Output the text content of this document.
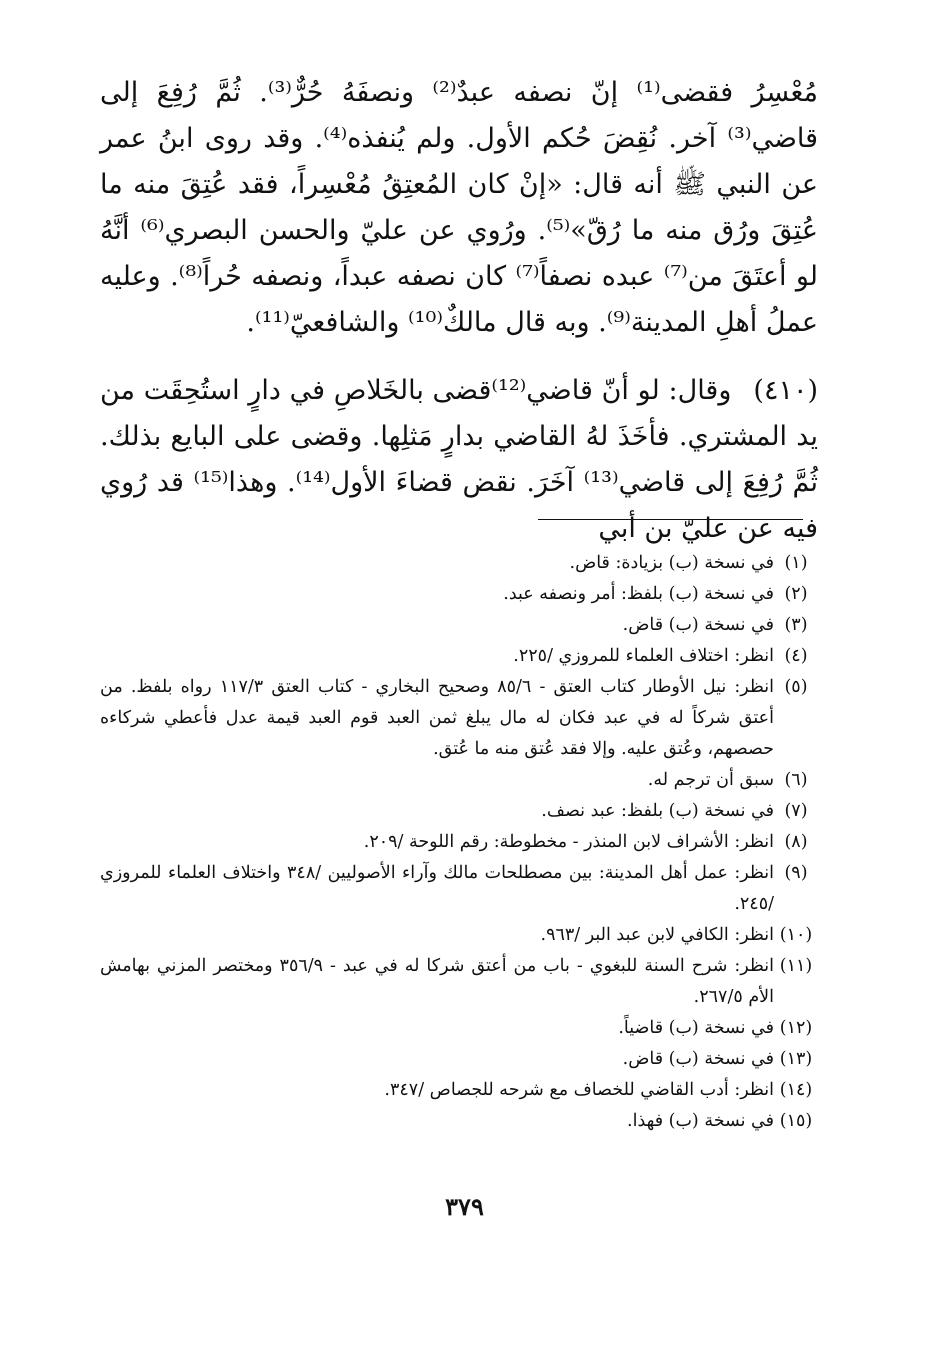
مُعْسِرُ فقضى⁽¹⁾ إنّ نصفه عبدٌ⁽²⁾ ونصفَهُ حُرٌّ⁽³⁾. ثُمَّ رُفِعَ إلى قاضي⁽³⁾ آخر. نُقِضَ حُكم الأول. ولم يُنفذه⁽⁴⁾. وقد روى ابنُ عمر عن النبي ﷺ أنه قال: «إنْ كان المُعتِقُ مُعْسِراً، فقد عُتِقَ منه ما عُتِقَ ورُق منه ما رُقّ»⁽⁵⁾. ورُوي عن عليّ والحسن البصري⁽⁶⁾ أنَّهُ لو أعتَقَ من⁽⁷⁾ عبده نصفاً⁽⁷⁾ كان نصفه عبداً، ونصفه حُراً⁽⁸⁾. وعليه عملُ أهلِ المدينة⁽⁹⁾. وبه قال مالكٌ⁽¹⁰⁾ والشافعيّ⁽¹¹⁾.

(٤١٠)وقال: لو أنّ قاضي⁽¹²⁾قضى بالخَلاصِ في دارٍ استُحِقَت من يد المشتري. فأخَذَ لهُ القاضي بدارٍ مَثلِها. وقضى على البايع بذلك. ثُمَّ رُفِعَ إلى قاضي⁽¹³⁾ آخَرَ. نقض قضاءَ الأول⁽¹⁴⁾. وهذا⁽¹⁵⁾ قد رُوي فيه عن عليّ بن أبي

(١)
في نسخة (ب) بزيادة: قاض.
(٢)
في نسخة (ب) بلفظ: أمر ونصفه عبد.
(٣)
في نسخة (ب) قاض.
(٤)
انظر: اختلاف العلماء للمروزي /٢٢٥.
(٥)
انظر: نيل الأوطار كتاب العتق - ٨٥/٦ وصحيح البخاري - كتاب العتق ١١٧/٣ رواه بلفظ. من أعتق شركاً له في عبد فكان له مال يبلغ ثمن العبد قوم العبد قيمة عدل فأعطي شركاءه حصصهم، وعُتق عليه. وإلا فقد عُتق منه ما عُتق.
(٦)
سبق أن ترجم له.
(٧)
في نسخة (ب) بلفظ: عبد نصف.
(٨)
انظر: الأشراف لابن المنذر - مخطوطة: رقم اللوحة /٢٠٩.
(٩)
انظر: عمل أهل المدينة: بين مصطلحات مالك وآراء الأصوليين /٣٤٨ واختلاف العلماء للمروزي /٢٤٥.
(١٠)
انظر: الكافي لابن عبد البر /٩٦٣.
(١١)
انظر: شرح السنة للبغوي - باب من أعتق شركا له في عبد - ٣٥٦/٩ ومختصر المزني بهامش الأم ٢٦٧/٥.
(١٢)
في نسخة (ب) قاضياً.
(١٣)
في نسخة (ب) قاض.
(١٤)
انظر: أدب القاضي للخصاف مع شرحه للجصاص /٣٤٧.
(١٥)
في نسخة (ب) فهذا.
٣٧٩
